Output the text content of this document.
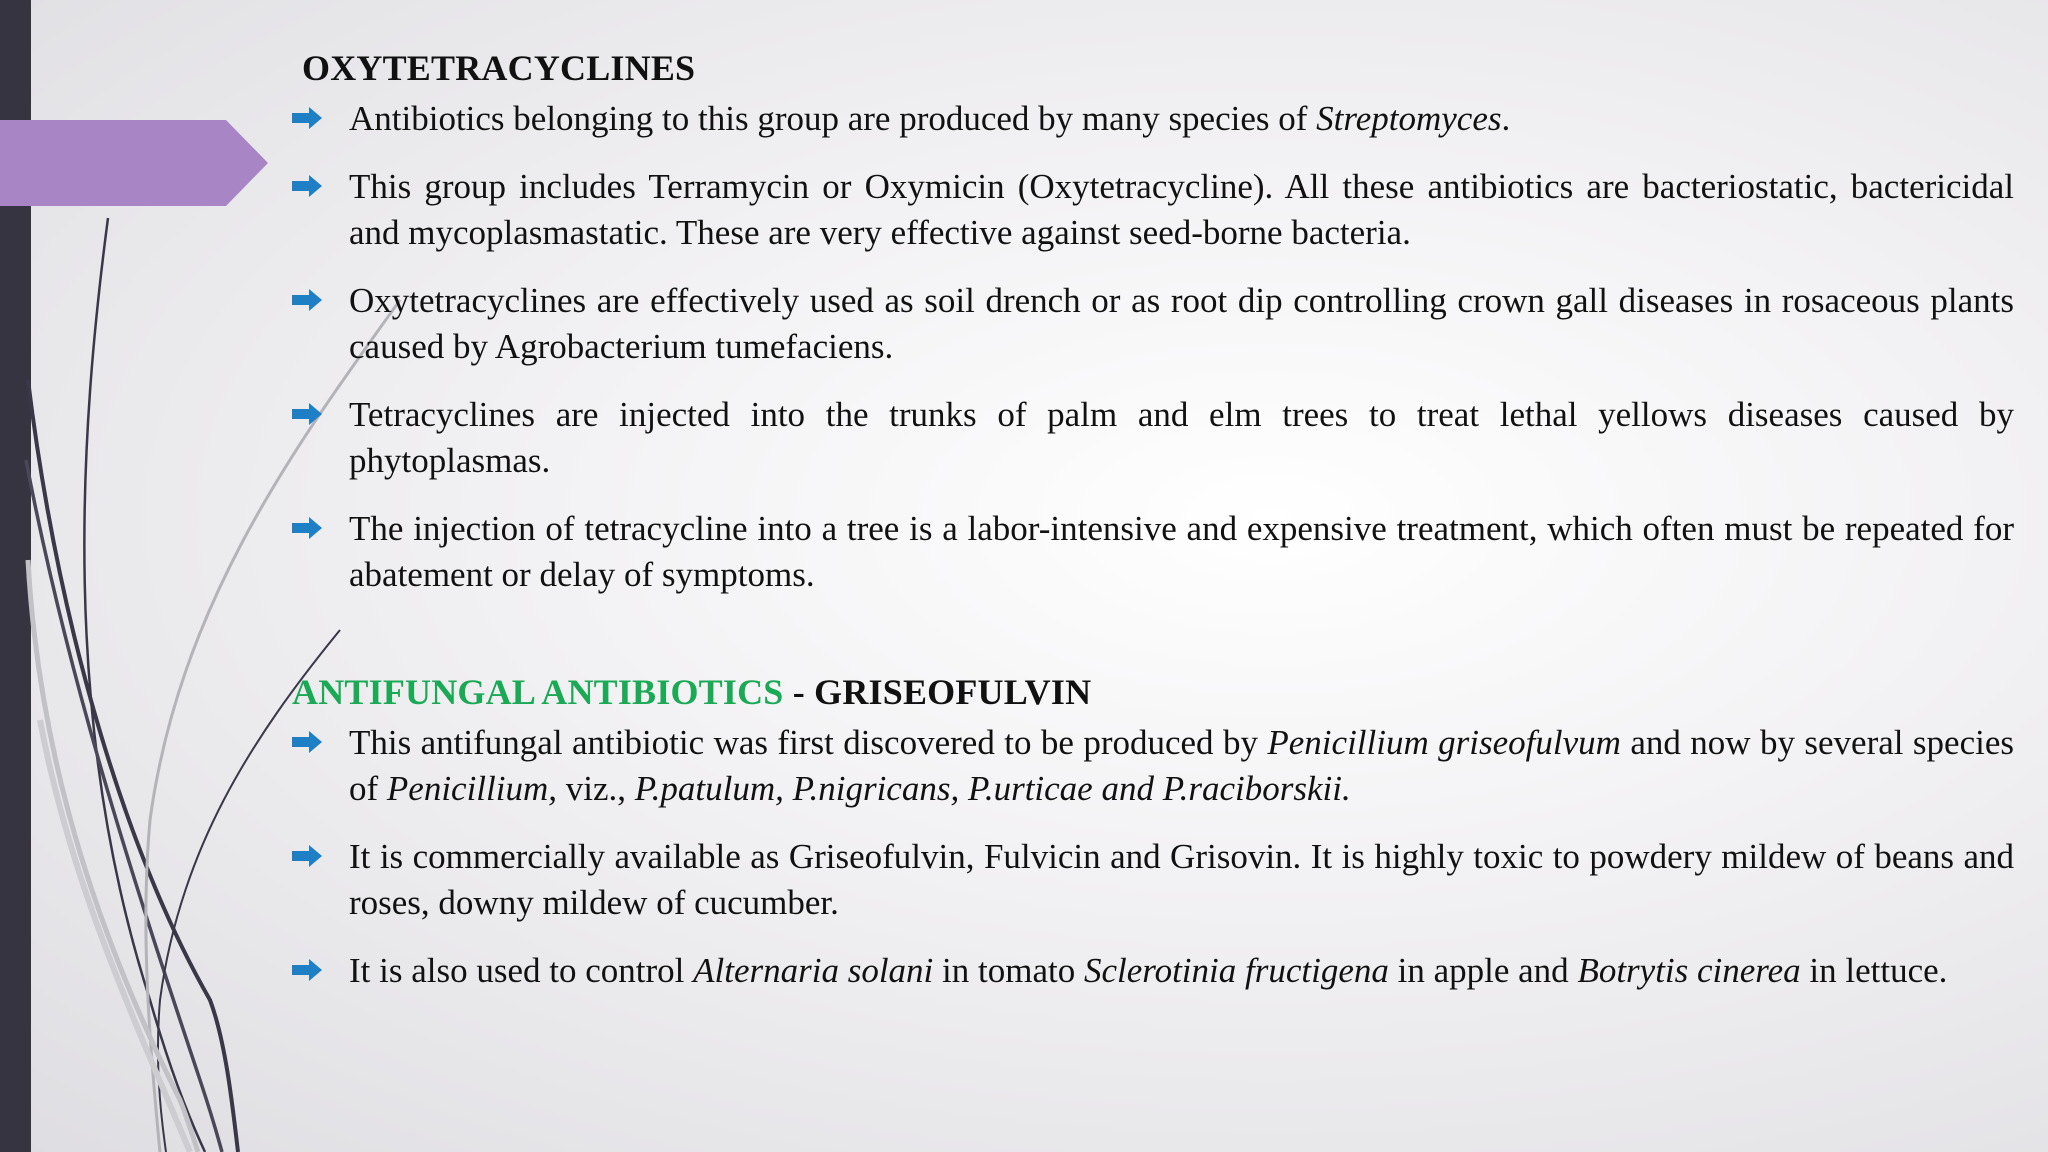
OXYTETRACYCLINES
Antibiotics belonging to this group are produced by many species of Streptomyces.
This group includes Terramycin or Oxymicin (Oxytetracycline). All these antibiotics are bacteriostatic, bactericidal and mycoplasmastatic. These are very effective against seed-borne bacteria.
Oxytetracyclines are effectively used as soil drench or as root dip controlling crown gall diseases in rosaceous plants caused by Agrobacterium tumefaciens.
Tetracyclines are injected into the trunks of palm and elm trees to treat lethal yellows diseases caused by phytoplasmas.
The injection of tetracycline into a tree is a labor-intensive and expensive treatment, which often must be repeated for abatement or delay of symptoms.
ANTIFUNGAL ANTIBIOTICS - GRISEOFULVIN
This antifungal antibiotic was first discovered to be produced by Penicillium griseofulvum and now by several species of Penicillium, viz., P.patulum, P.nigricans, P.urticae and P.raciborskii.
It is commercially available as Griseofulvin, Fulvicin and Grisovin. It is highly toxic to powdery mildew of beans and roses, downy mildew of cucumber.
It is also used to control Alternaria solani in tomato Sclerotinia fructigena in apple and Botrytis cinerea in lettuce.
